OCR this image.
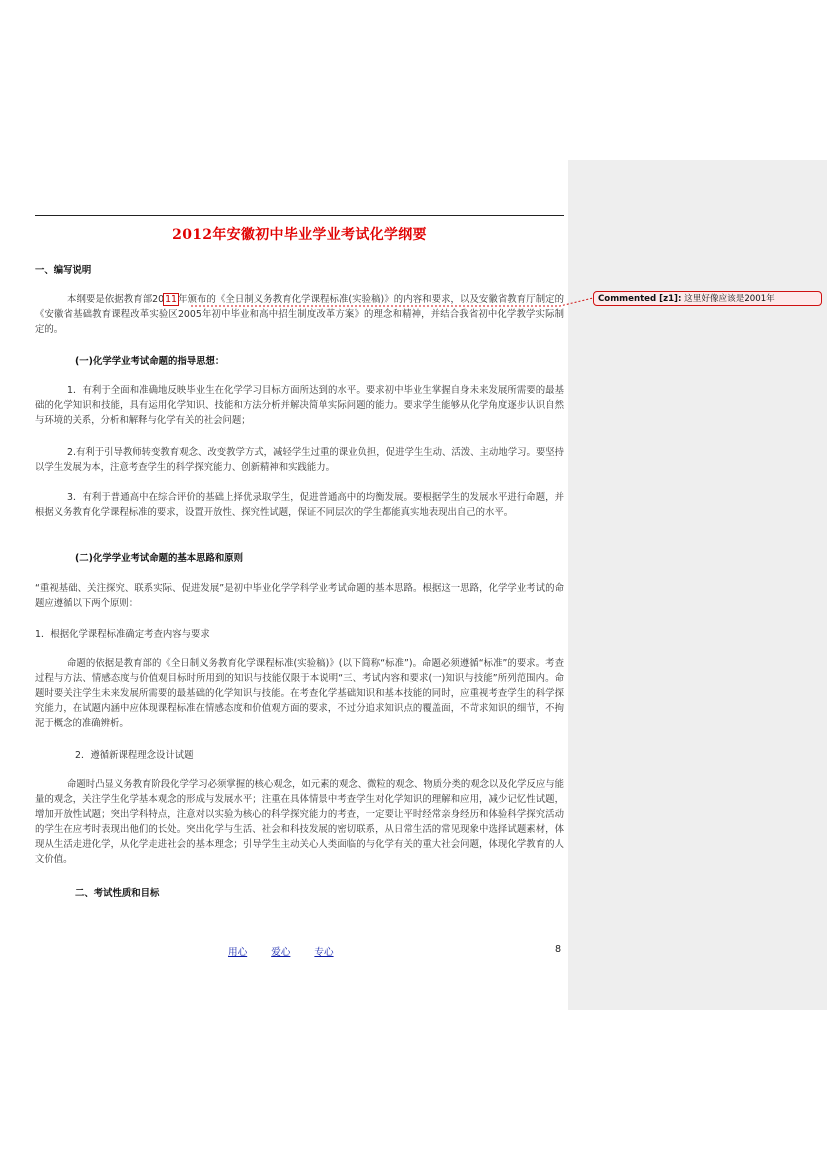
2012年安徽初中毕业学业考试化学纲要
一、编写说明
本纲要是依据教育部2011年颁布的《全日制义务教育化学课程标准(实验稿)》的内容和要求，以及安徽省教育厅制定的《安徽省基础教育课程改革实验区2005年初中毕业和高中招生制度改革方案》的理念和精神，并结合我省初中化学教学实际制定的。
(一)化学学业考试命题的指导思想：
1．有利于全面和准确地反映毕业生在化学学习目标方面所达到的水平。要求初中毕业生掌握自身未来发展所需要的最基础的化学知识和技能，具有运用化学知识、技能和方法分析并解决简单实际问题的能力。要求学生能够从化学角度逐步认识自然与环境的关系，分析和解释与化学有关的社会问题；
2.有利于引导教师转变教育观念、改变教学方式，减轻学生过重的课业负担，促进学生生动、活泼、主动地学习。要坚持以学生发展为本，注意考查学生的科学探究能力、创新精神和实践能力。
3．有利于普通高中在综合评价的基础上择优录取学生，促进普通高中的均衡发展。要根据学生的发展水平进行命题，并根据义务教育化学课程标准的要求，设置开放性、探究性试题，保证不同层次的学生都能真实地表现出自己的水平。
(二)化学学业考试命题的基本思路和原则
“重视基础、关注探究、联系实际、促进发展”是初中毕业化学学科学业考试命题的基本思路。根据这一思路，化学学业考试的命题应遵循以下两个原则：
1．根据化学课程标准确定考查内容与要求
命题的依据是教育部的《全日制义务教育化学课程标准(实验稿)》(以下简称“标准”)。命题必须遵循“标准”的要求。考查过程与方法、情感态度与价值观目标时所用到的知识与技能仅限于本说明“三、考试内容和要求(一)知识与技能”所列范围内。命题时要关注学生未来发展所需要的最基础的化学知识与技能。在考查化学基础知识和基本技能的同时，应重视考查学生的科学探究能力，在试题内涵中应体现课程标准在情感态度和价值观方面的要求，不过分追求知识点的覆盖面，不苛求知识的细节，不拘泥于概念的准确辨析。
2．遵循新课程理念设计试题
命题时凸显义务教育阶段化学学习必须掌握的核心观念，如元素的观念、微粒的观念、物质分类的观念以及化学反应与能量的观念，关注学生化学基本观念的形成与发展水平；注重在具体情景中考查学生对化学知识的理解和应用，减少记忆性试题，增加开放性试题；突出学科特点，注意对以实验为核心的科学探究能力的考查，一定要让平时经常亲身经历和体验科学探究活动的学生在应考时表现出他们的长处。突出化学与生活、社会和科技发展的密切联系，从日常生活的常见现象中选择试题素材，体现从生活走进化学，从化学走进社会的基本理念；引导学生主动关心人类面临的与化学有关的重大社会问题，体现化学教育的人文价值。
二、考试性质和目标
Commented [z1]: 这里好像应该是2001年
用心	爱心	专心	8
